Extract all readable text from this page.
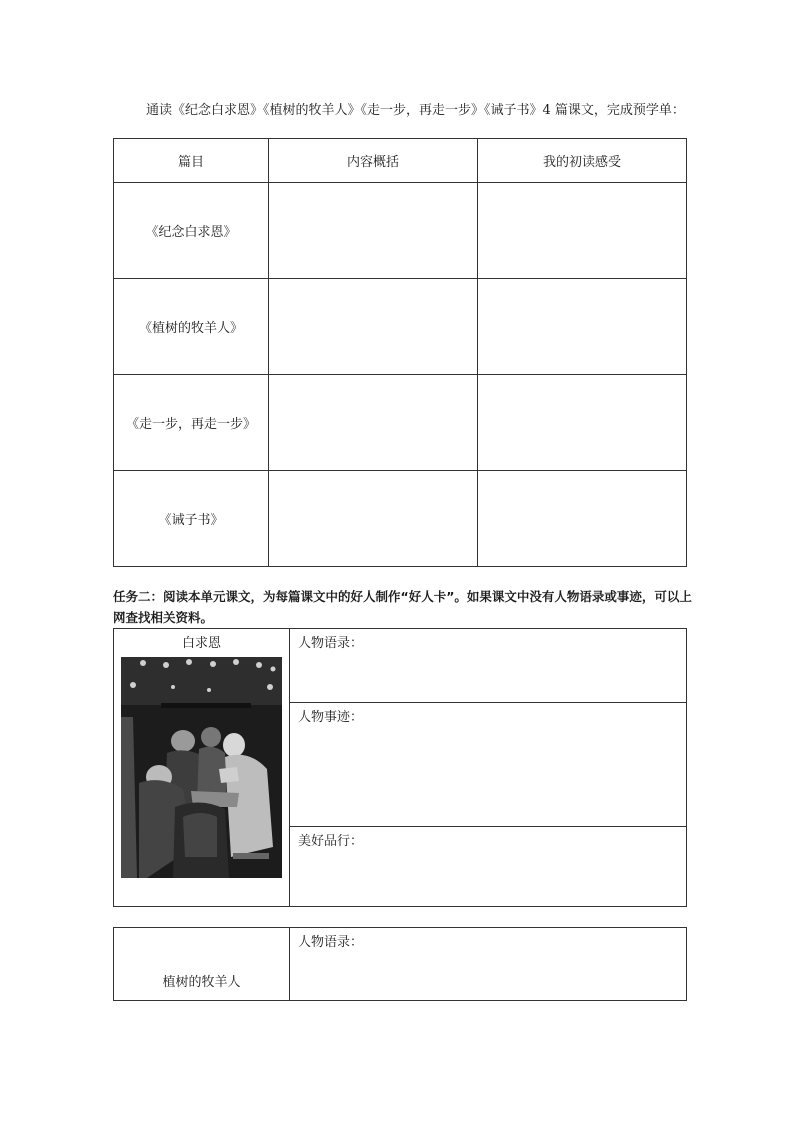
通读《纪念白求恩》《植树的牧羊人》《走一步，再走一步》《诫子书》4 篇课文，完成预学单：
篇目	内容概括	我的初读感受
《纪念白求恩》		
《植树的牧羊人》		
《走一步，再走一步》		
《诫子书》		
任务二：阅读本单元课文，为每篇课文中的好人制作“好人卡”。如果课文中没有人物语录或事迹，可以上网查找相关资料。
白求恩	人物语录：
人物事迹：
美好品行：
植树的牧羊人	人物语录：
